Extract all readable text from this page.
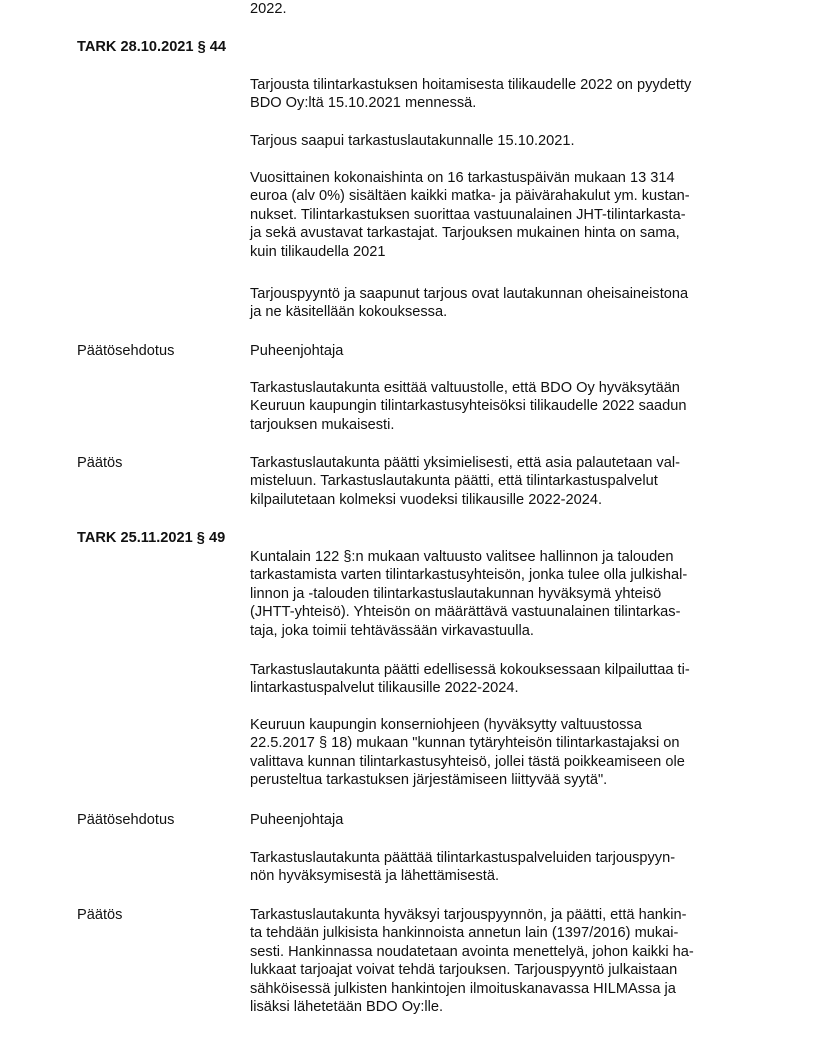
2022.
TARK 28.10.2021 § 44
Tarjousta tilintarkastuksen hoitamisesta tilikaudelle 2022 on pyydetty
BDO Oy:ltä 15.10.2021 mennessä.
Tarjous saapui tarkastuslautakunnalle 15.10.2021.
Vuosittainen kokonaishinta on 16 tarkastuspäivän mukaan 13 314
euroa (alv 0%) sisältäen kaikki matka- ja päivärahakulut ym. kustan-
nukset. Tilintarkastuksen suorittaa vastuunalainen JHT-tilintarkasta-
ja sekä avustavat tarkastajat. Tarjouksen mukainen hinta on sama,
kuin tilikaudella 2021
Tarjouspyyntö ja saapunut tarjous ovat lautakunnan oheisaineistona
ja ne käsitellään kokouksessa.
Päätösehdotus	Puheenjohtaja
Tarkastuslautakunta esittää valtuustolle, että BDO Oy hyväksytään
Keuruun kaupungin tilintarkastusyhteisöksi tilikaudelle 2022 saadun
tarjouksen mukaisesti.
Päätös	Tarkastuslautakunta päätti yksimielisesti, että asia palautetaan val-
misteluun. Tarkastuslautakunta päätti, että tilintarkastuspalvelut
kilpailutetaan kolmeksi vuodeksi tilikausille 2022-2024.
TARK 25.11.2021 § 49
Kuntalain 122 §:n mukaan valtuusto valitsee hallinnon ja talouden
tarkastamista varten tilintarkastusyhteisön, jonka tulee olla julkishal-
linnon ja -talouden tilintarkastuslautakunnan hyväksymä yhteisö
(JHTT-yhteisö). Yhteisön on määrättävä vastuunalainen tilintarkas-
taja, joka toimii tehtävässään virkavastuulla.
Tarkastuslautakunta päätti edellisessä kokouksessaan kilpailuttaa ti-
lintarkastuspalvelut tilikausille 2022-2024.
Keuruun kaupungin konserniohjeen (hyväksytty valtuustossa
22.5.2017 § 18) mukaan "kunnan tytäryhteisön tilintarkastajaksi on
valittava kunnan tilintarkastusyhteisö, jollei tästä poikkeamiseen ole
perusteltua tarkastuksen järjestämiseen liittyvää syytä".
Päätösehdotus	Puheenjohtaja
Tarkastuslautakunta päättää tilintarkastuspalveluiden tarjouspyyn-
nön hyväksymisestä ja lähettämisestä.
Päätös	Tarkastuslautakunta hyväksyi tarjouspyynnön, ja päätti, että hankin-
ta tehdään julkisista hankinnoista annetun lain (1397/2016) mukai-
sesti. Hankinnassa noudatetaan avointa menettelyä, johon kaikki ha-
lukkaat tarjoajat voivat tehdä tarjouksen. Tarjouspyyntö julkaistaan
sähköisessä julkisten hankintojen ilmoituskanavassa HILMAssa ja
lisäksi lähetetään BDO Oy:lle.
